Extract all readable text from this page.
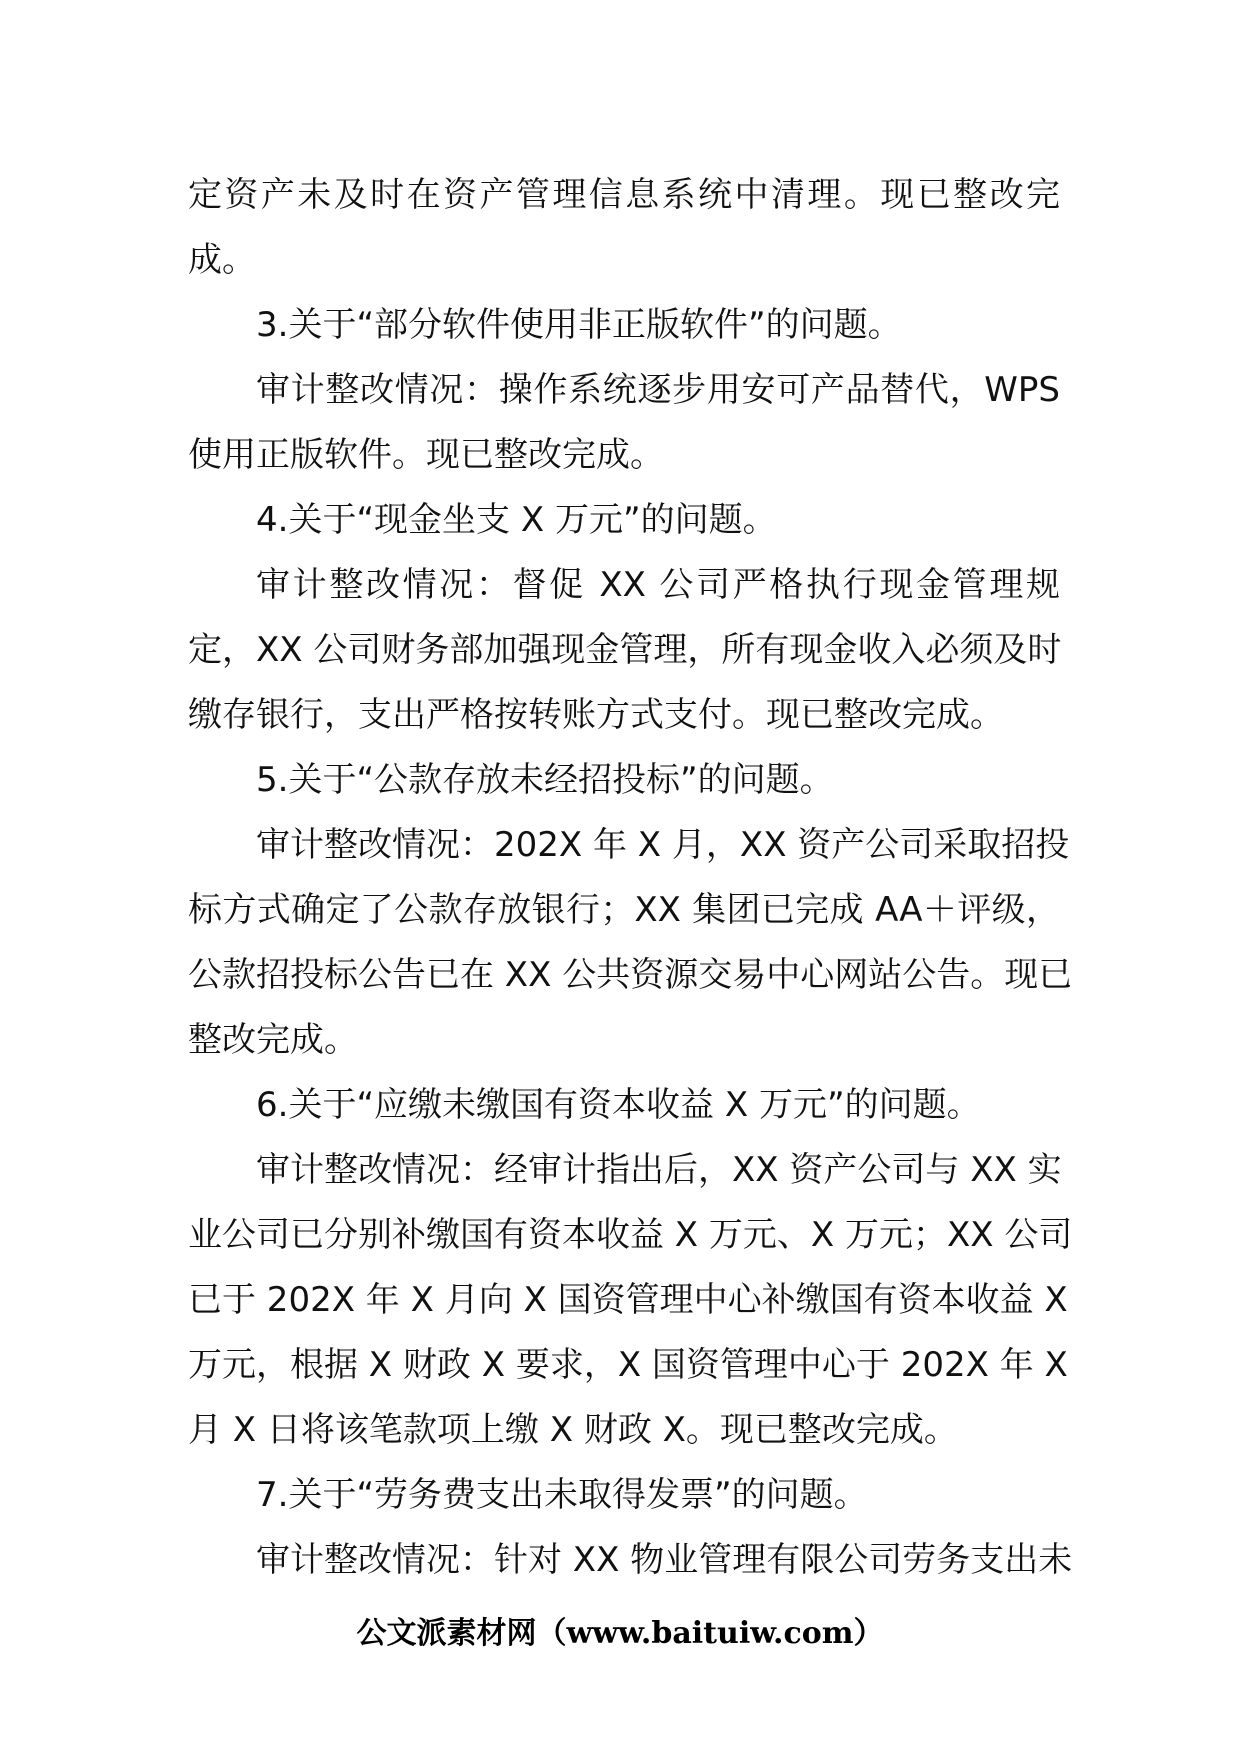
定资产未及时在资产管理信息系统中清理。现已整改完
成。
3.关于“部分软件使用非正版软件”的问题。
审计整改情况：操作系统逐步用安可产品替代，WPS
使用正版软件。现已整改完成。
4.关于“现金坐支 X 万元”的问题。
审计整改情况：督促 XX 公司严格执行现金管理规
定，XX 公司财务部加强现金管理，所有现金收入必须及时
缴存银行，支出严格按转账方式支付。现已整改完成。
5.关于“公款存放未经招投标”的问题。
审计整改情况：202X 年 X 月，XX 资产公司采取招投
标方式确定了公款存放银行；XX 集团已完成 AA＋评级，
公款招投标公告已在 XX 公共资源交易中心网站公告。现已
整改完成。
6.关于“应缴未缴国有资本收益 X 万元”的问题。
审计整改情况：经审计指出后，XX 资产公司与 XX 实
业公司已分别补缴国有资本收益 X 万元、X 万元；XX 公司
已于 202X 年 X 月向 X 国资管理中心补缴国有资本收益 X
万元，根据 X 财政 X 要求，X 国资管理中心于 202X 年 X
月 X 日将该笔款项上缴 X 财政 X。现已整改完成。
7.关于“劳务费支出未取得发票”的问题。
审计整改情况：针对 XX 物业管理有限公司劳务支出未
公文派素材网（www.baituiw.com）
